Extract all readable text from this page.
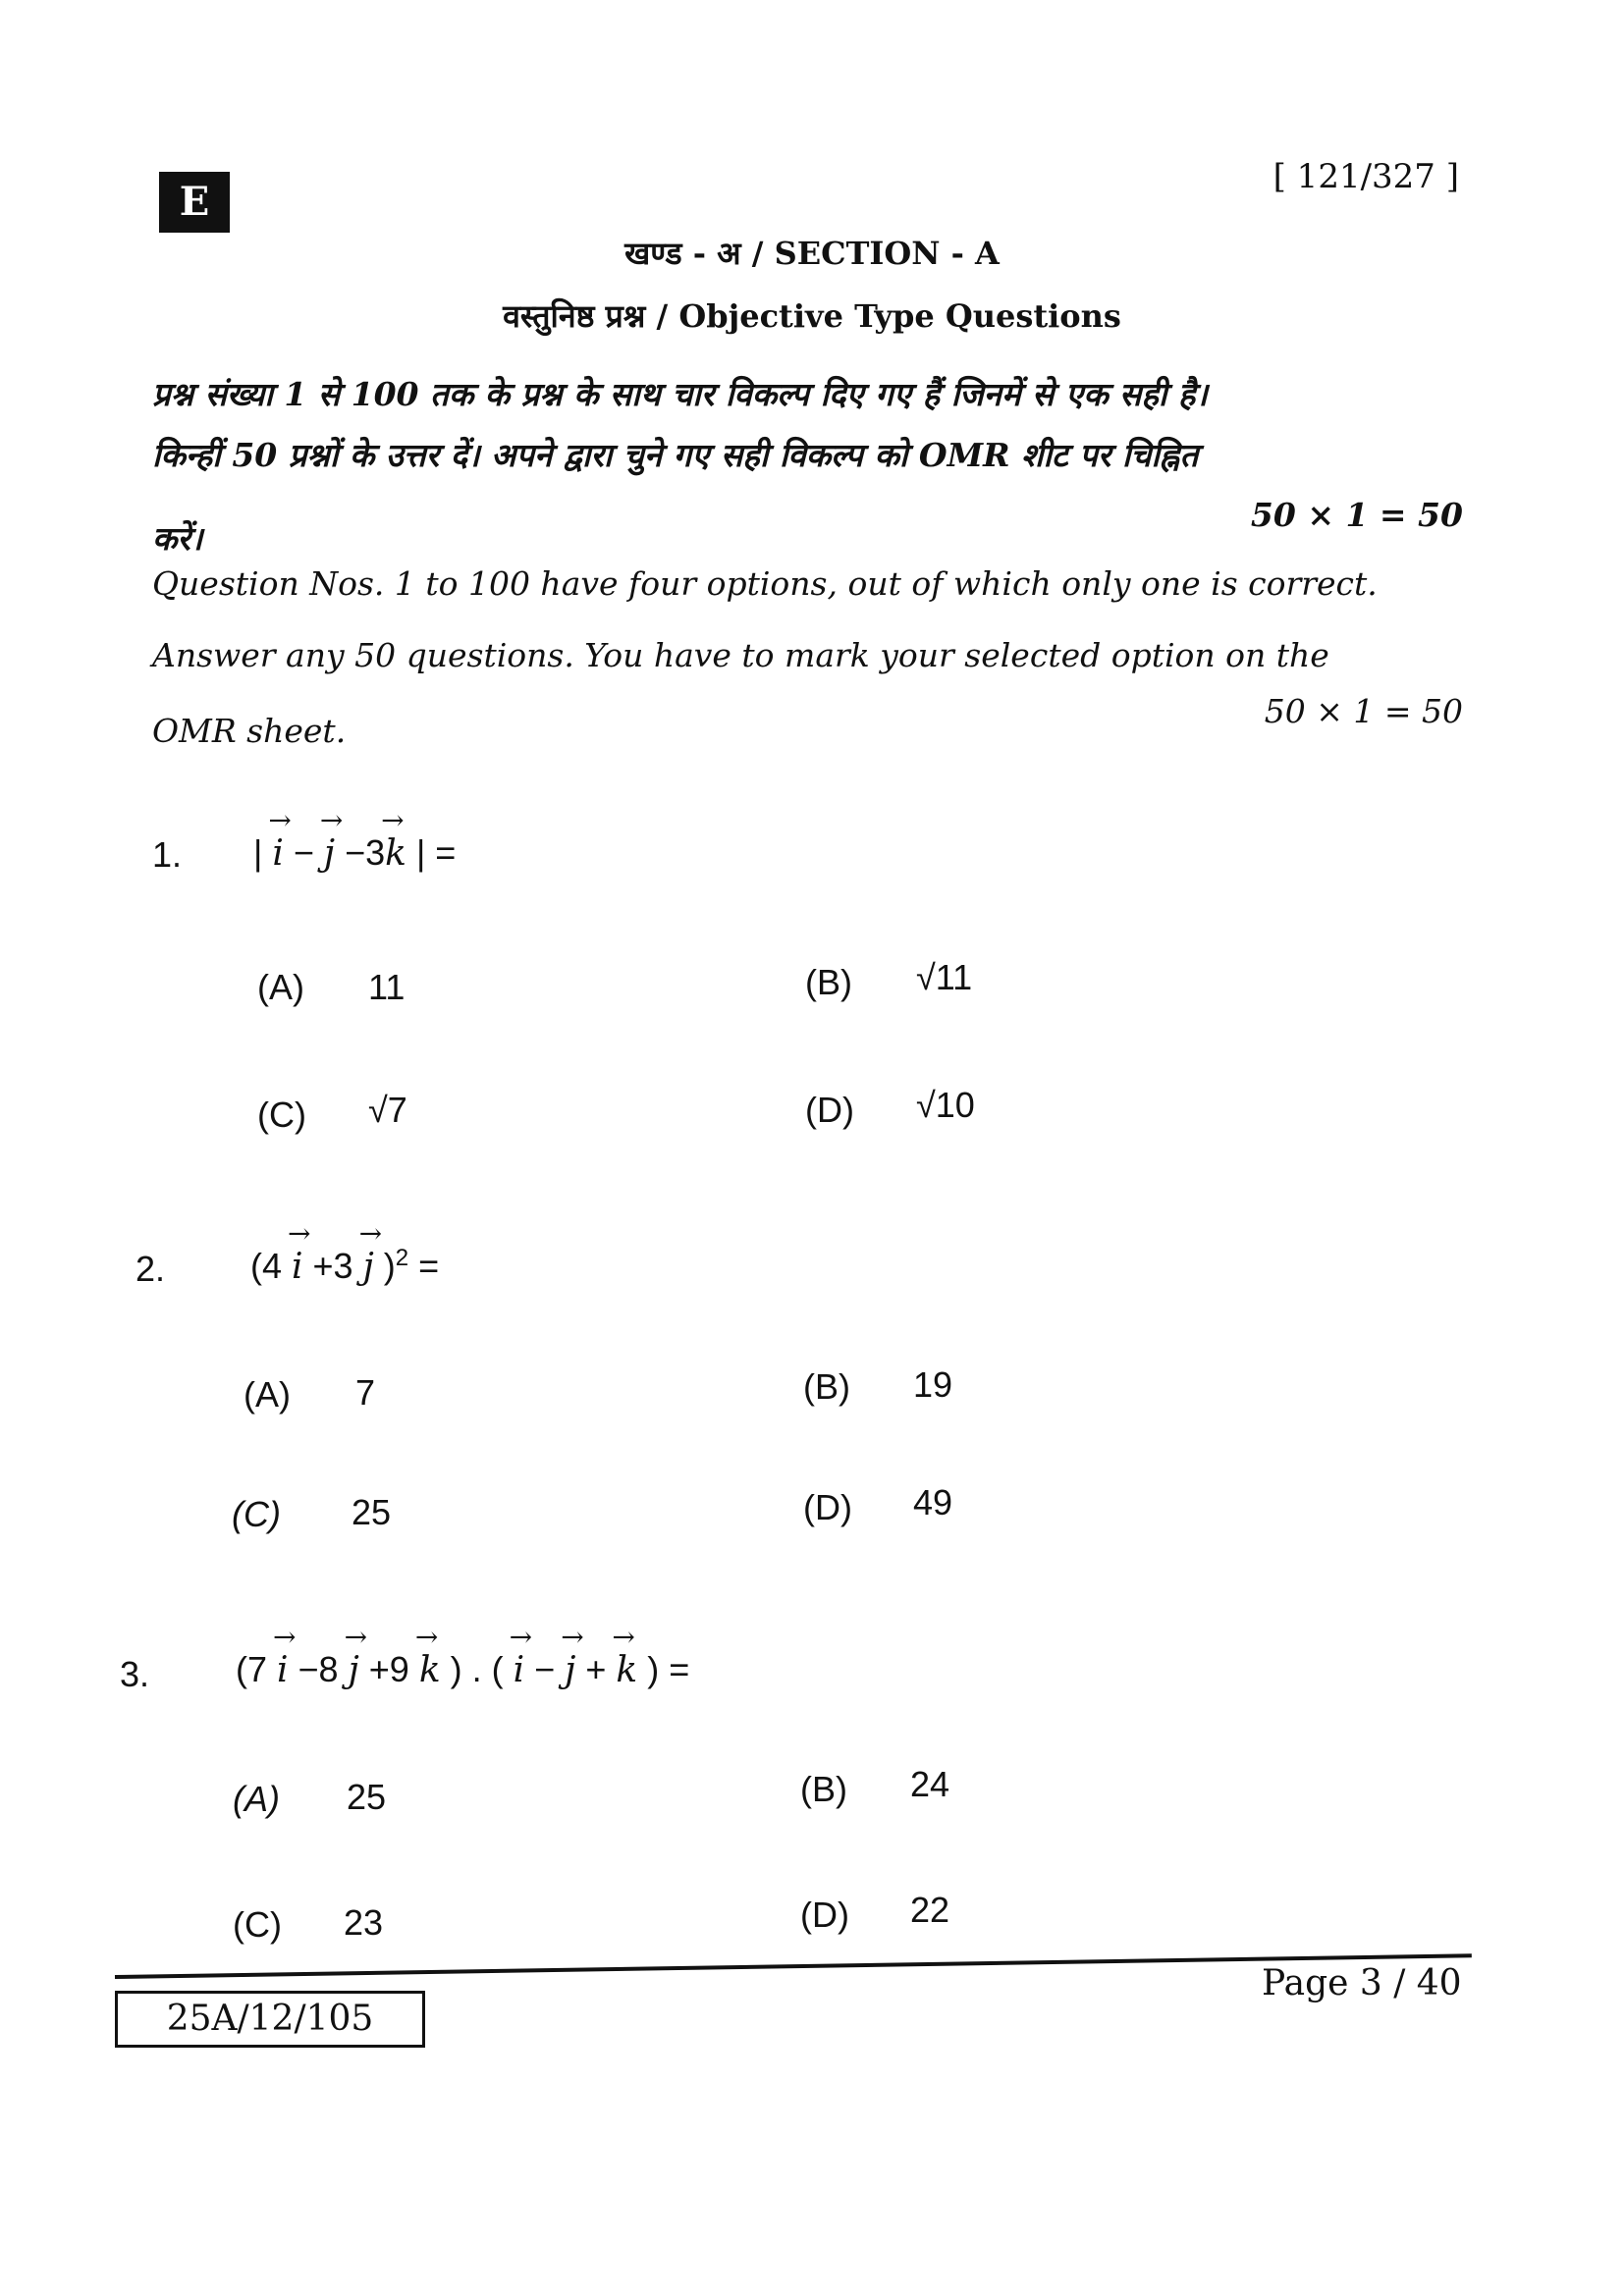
E
[ 121/327 ]
खण्ड - अ / SECTION - A
वस्तुनिष्ठ प्रश्न / Objective Type Questions
प्रश्न संख्या 1 से 100 तक के प्रश्न के साथ चार विकल्प दिए गए हैं जिनमें से एक सही है।
किन्हीं 50 प्रश्नों के उत्तर दें। अपने द्वारा चुने गए सही विकल्प को OMR शीट पर चिह्नित
करें।
50 × 1 = 50
Question Nos. 1 to 100 have four options, out of which only one is correct.
Answer any 50 questions. You have to mark your selected option on the
OMR sheet.
50 × 1 = 50
1. | → i − → j −3→ k | =
(A) 11	(B) √11
(C) √7	(D) √10
2. (4 → i +3 → j )$^2$ =
(A) 7	(B) 19
(C) 25	(D) 49
3. (7 → i −8 → j +9 → k ) . ( → i − → j + → k ) =
(A) 25	(B) 24
(C) 23	(D) 22
25A/12/105
Page 3 / 40
